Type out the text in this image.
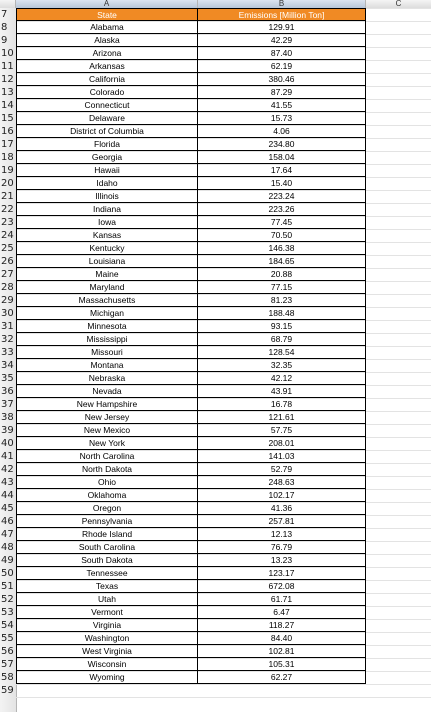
A	B	C
7
8
9
10
11
12
13
14
15
16
17
18
19
20
21
22
23
24
25
26
27
28
29
30
31
32
33
34
35
36
37
38
39
40
41
42
43
44
45
46
47
48
49
50
51
52
53
54
55
56
57
58
59
State	Emissions [Million Ton]
Alabama	129.91
Alaska	42.29
Arizona	87.40
Arkansas	62.19
California	380.46
Colorado	87.29
Connecticut	41.55
Delaware	15.73
District of Columbia	4.06
Florida	234.80
Georgia	158.04
Hawaii	17.64
Idaho	15.40
Illinois	223.24
Indiana	223.26
Iowa	77.45
Kansas	70.50
Kentucky	146.38
Louisiana	184.65
Maine	20.88
Maryland	77.15
Massachusetts	81.23
Michigan	188.48
Minnesota	93.15
Mississippi	68.79
Missouri	128.54
Montana	32.35
Nebraska	42.12
Nevada	43.91
New Hampshire	16.78
New Jersey	121.61
New Mexico	57.75
New York	208.01
North Carolina	141.03
North Dakota	52.79
Ohio	248.63
Oklahoma	102.17
Oregon	41.36
Pennsylvania	257.81
Rhode Island	12.13
South Carolina	76.79
South Dakota	13.23
Tennessee	123.17
Texas	672.08
Utah	61.71
Vermont	6.47
Virginia	118.27
Washington	84.40
West Virginia	102.81
Wisconsin	105.31
Wyoming	62.27
